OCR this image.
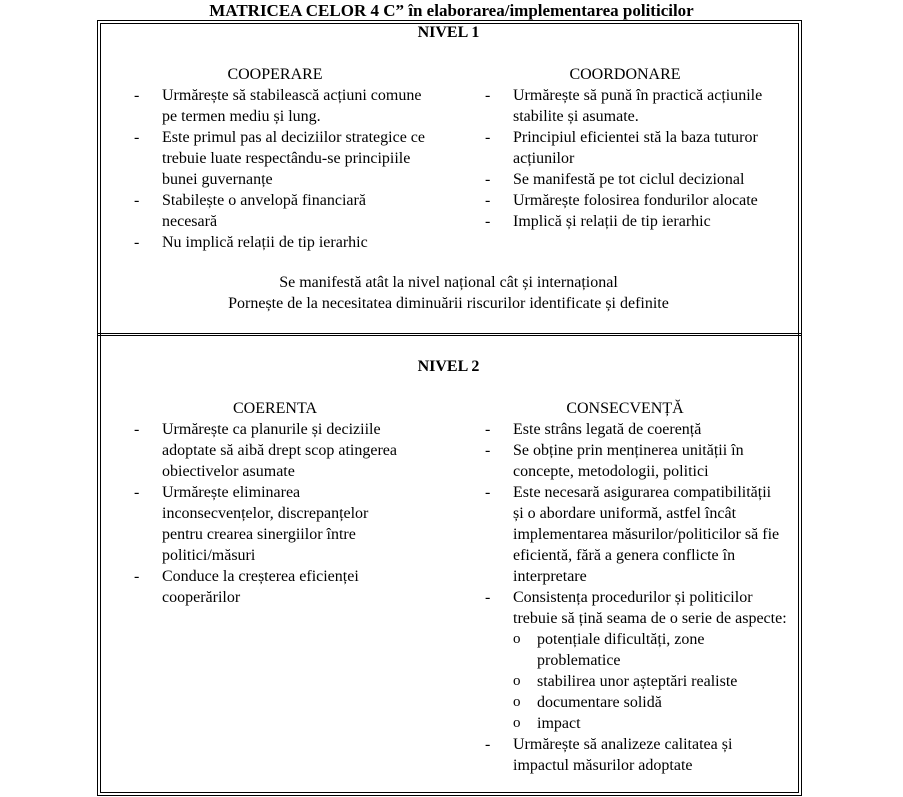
MATRICEA CELOR 4 C” în elaborarea/implementarea politicilor
NIVEL 1
COOPERARE
- Urmărește să stabilească acțiuni comune pe termen mediu și lung.
- Este primul pas al deciziilor strategice ce trebuie luate respectându-se principiile bunei guvernanțe
- Stabilește o anvelopă financiară necesară
- Nu implică relații de tip ierarhic
COORDONARE
- Urmărește să pună în practică acțiunile stabilite și asumate.
- Principiul eficientei stă la baza tuturor acțiunilor
- Se manifestă pe tot ciclul decizional
- Urmărește folosirea fondurilor alocate
- Implică și relații de tip ierarhic
Se manifestă atât la nivel național cât și internațional
Pornește de la necesitatea diminuării riscurilor identificate și definite
NIVEL 2
COERENTA
- Urmărește ca planurile și deciziile adoptate să aibă drept scop atingerea obiectivelor asumate
- Urmărește eliminarea inconsecvențelor, discrepanțelor pentru crearea sinergiilor între politici/măsuri
- Conduce la creșterea eficienței cooperărilor
CONSECVENȚĂ
- Este strâns legată de coerență
- Se obține prin menținerea unității în concepte, metodologii, politici
- Este necesară asigurarea compatibilității și o abordare uniformă, astfel încât implementarea măsurilor/politicilor să fie eficientă, fără a genera conflicte în interpretare
- Consistența procedurilor și politicilor trebuie să țină seama de o serie de aspecte:
o potențiale dificultăți, zone problematice
o stabilirea unor așteptări realiste
o documentare solidă
o impact
- Urmărește să analizeze calitatea și impactul măsurilor adoptate
